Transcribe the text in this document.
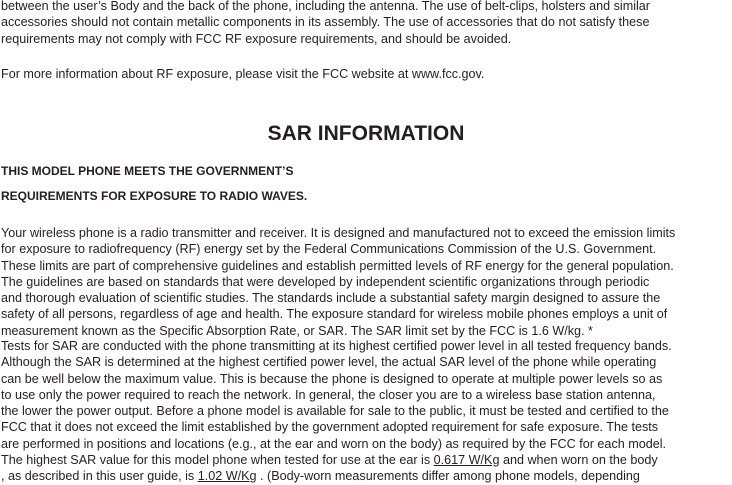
between the user’s Body and the back of the phone, including the antenna. The use of belt-clips, holsters and similar
accessories should not contain metallic components in its assembly. The use of accessories that do not satisfy these
requirements may not comply with FCC RF exposure requirements, and should be avoided.

For more information about RF exposure, please visit the FCC website at www.fcc.gov.

SAR INFORMATION

THIS MODEL PHONE MEETS THE GOVERNMENT’S

REQUIREMENTS FOR EXPOSURE TO RADIO WAVES.

Your wireless phone is a radio transmitter and receiver. It is designed and manufactured not to exceed the emission limits
for exposure to radiofrequency (RF) energy set by the Federal Communications Commission of the U.S. Government.
These limits are part of comprehensive guidelines and establish permitted levels of RF energy for the general population.
The guidelines are based on standards that were developed by independent scientific organizations through periodic
and thorough evaluation of scientific studies. The standards include a substantial safety margin designed to assure the
safety of all persons, regardless of age and health. The exposure standard for wireless mobile phones employs a unit of
measurement known as the Specific Absorption Rate, or SAR. The SAR limit set by the FCC is 1.6 W/kg. *

Tests for SAR are conducted with the phone transmitting at its highest certified power level in all tested frequency bands.
Although the SAR is determined at the highest certified power level, the actual SAR level of the phone while operating
can be well below the maximum value. This is because the phone is designed to operate at multiple power levels so as
to use only the power required to reach the network. In general, the closer you are to a wireless base station antenna,
the lower the power output. Before a phone model is available for sale to the public, it must be tested and certified to the
FCC that it does not exceed the limit established by the government adopted requirement for safe exposure. The tests
are performed in positions and locations (e.g., at the ear and worn on the body) as required by the FCC for each model.
The highest SAR value for this model phone when tested for use at the ear is 0.617 W/Kg and when worn on the body
, as described in this user guide, is 1.02 W/Kg . (Body-worn measurements differ among phone models, depending
